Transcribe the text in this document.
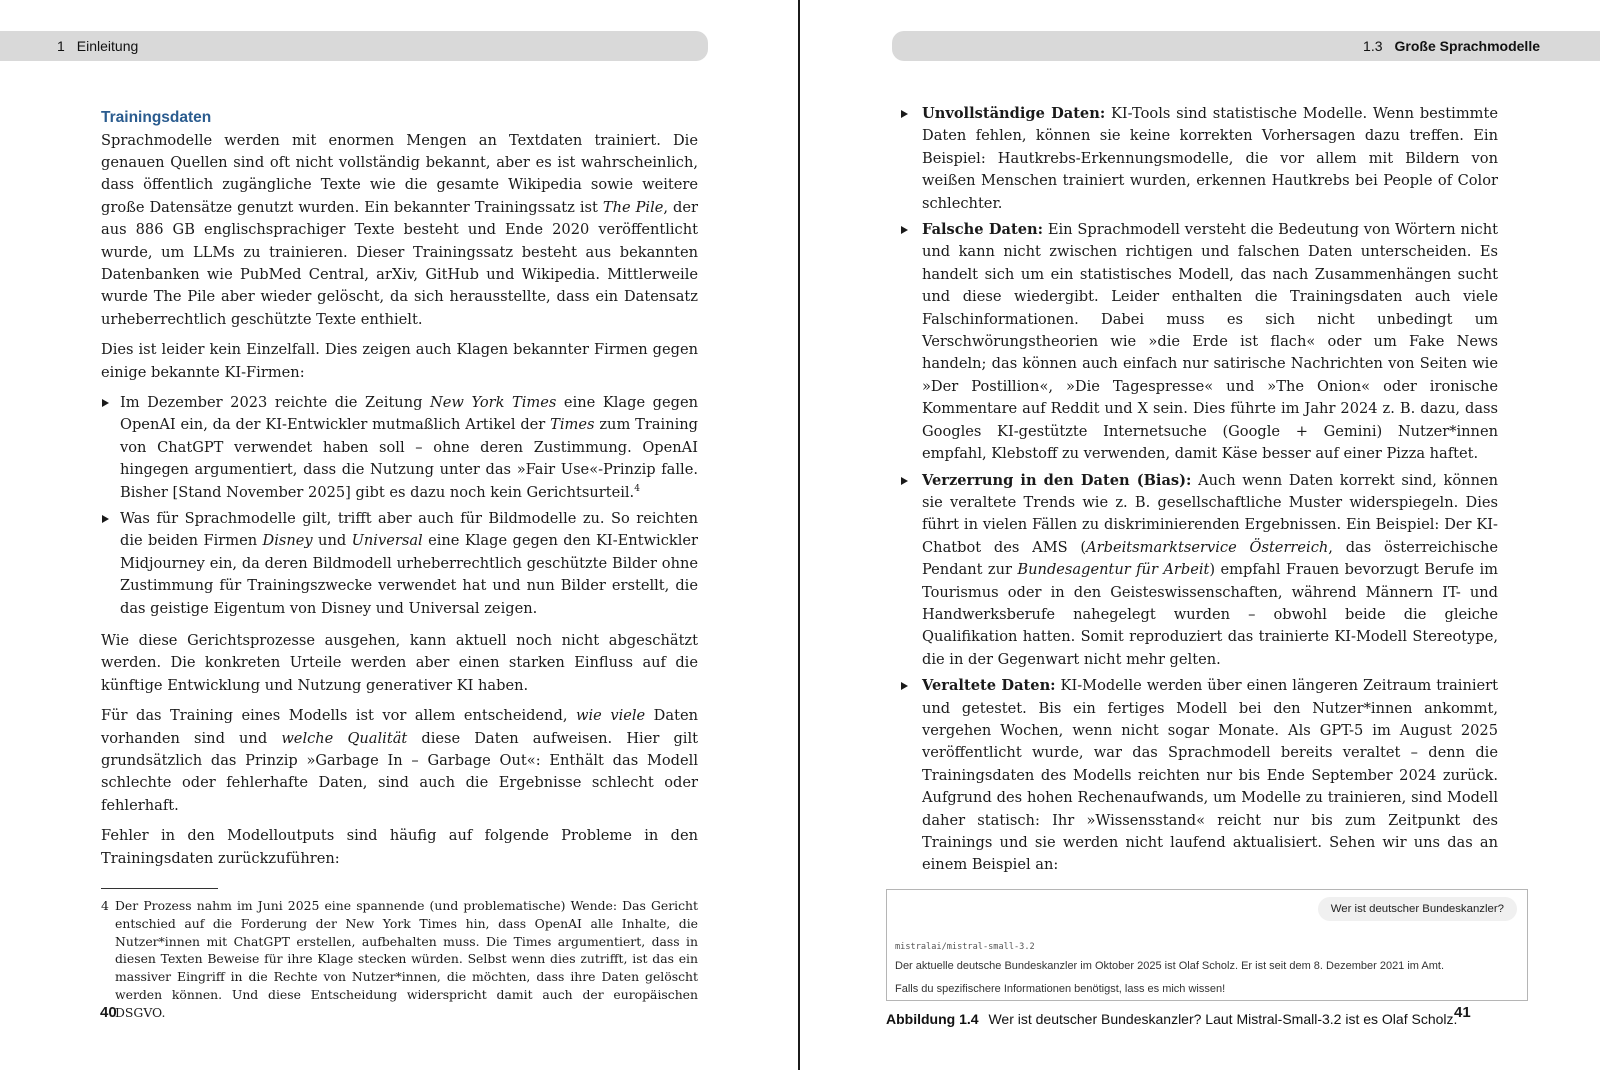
1 Einleitung
Trainingsdaten

Sprachmodelle werden mit enormen Mengen an Textdaten trainiert. Die genauen Quellen sind oft nicht vollständig bekannt, aber es ist wahrscheinlich, dass öffentlich zugängliche Texte wie die gesamte Wikipedia sowie weitere große Datensätze genutzt wurden. Ein bekannter Trainingssatz ist The Pile, der aus 886 GB englischsprachiger Texte besteht und Ende 2020 veröffentlicht wurde, um LLMs zu trainieren. Dieser Trainingssatz besteht aus bekannten Datenbanken wie PubMed Central, arXiv, GitHub und Wikipedia. Mittlerweile wurde The Pile aber wieder gelöscht, da sich herausstellte, dass ein Datensatz urheberrechtlich geschützte Texte enthielt.

Dies ist leider kein Einzelfall. Dies zeigen auch Klagen bekannter Firmen gegen einige bekannte KI-Firmen:

Im Dezember 2023 reichte die Zeitung New York Times eine Klage gegen OpenAI ein, da der KI-Entwickler mutmaßlich Artikel der Times zum Training von ChatGPT verwendet haben soll – ohne deren Zustimmung. OpenAI hingegen argumentiert, dass die Nutzung unter das »Fair Use«-Prinzip falle. Bisher [Stand November 2025] gibt es dazu noch kein Gerichtsurteil.$^4$
Was für Sprachmodelle gilt, trifft aber auch für Bildmodelle zu. So reichten die beiden Firmen Disney und Universal eine Klage gegen den KI-Entwickler Midjourney ein, da deren Bildmodell urheberrechtlich geschützte Bilder ohne Zustimmung für Trainingszwecke verwendet hat und nun Bilder erstellt, die das geistige Eigentum von Disney und Universal zeigen.

Wie diese Gerichtsprozesse ausgehen, kann aktuell noch nicht abgeschätzt werden. Die konkreten Urteile werden aber einen starken Einfluss auf die künftige Entwicklung und Nutzung generativer KI haben.

Für das Training eines Modells ist vor allem entscheidend, wie viele Daten vorhanden sind und welche Qualität diese Daten aufweisen. Hier gilt grundsätzlich das Prinzip »Garbage In – Garbage Out«: Enthält das Modell schlechte oder fehlerhafte Daten, sind auch die Ergebnisse schlecht oder fehlerhaft.

Fehler in den Modelloutputs sind häufig auf folgende Probleme in den Trainingsdaten zurückzuführen:

4 Der Prozess nahm im Juni 2025 eine spannende (und problematische) Wende: Das Gericht entschied auf die Forderung der New York Times hin, dass OpenAI alle Inhalte, die Nutzer*innen mit ChatGPT erstellen, aufbehalten muss. Die Times argumentiert, dass in diesen Texten Beweise für ihre Klage stecken würden. Selbst wenn dies zutrifft, ist das ein massiver Eingriff in die Rechte von Nutzer*innen, die möchten, dass ihre Daten gelöscht werden können. Und diese Entscheidung widerspricht damit auch der europäischen DSGVO.
40
1.3 Große Sprachmodelle
Unvollständige Daten: KI-Tools sind statistische Modelle. Wenn bestimmte Daten fehlen, können sie keine korrekten Vorhersagen dazu treffen. Ein Beispiel: Hautkrebs-Erkennungsmodelle, die vor allem mit Bildern von weißen Menschen trainiert wurden, erkennen Hautkrebs bei People of Color schlechter.
Falsche Daten: Ein Sprachmodell versteht die Bedeutung von Wörtern nicht und kann nicht zwischen richtigen und falschen Daten unterscheiden. Es handelt sich um ein statistisches Modell, das nach Zusammenhängen sucht und diese wiedergibt. Leider enthalten die Trainingsdaten auch viele Falschinformationen. Dabei muss es sich nicht unbedingt um Verschwörungstheorien wie »die Erde ist flach« oder um Fake News handeln; das können auch einfach nur satirische Nachrichten von Seiten wie »Der Postillion«, »Die Tagespresse« und »The Onion« oder ironische Kommentare auf Reddit und X sein. Dies führte im Jahr 2024 z. B. dazu, dass Googles KI-gestützte Internetsuche (Google + Gemini) Nutzer*innen empfahl, Klebstoff zu verwenden, damit Käse besser auf einer Pizza haftet.
Verzerrung in den Daten (Bias): Auch wenn Daten korrekt sind, können sie veraltete Trends wie z. B. gesellschaftliche Muster widerspiegeln. Dies führt in vielen Fällen zu diskriminierenden Ergebnissen. Ein Beispiel: Der KI-Chatbot des AMS (Arbeitsmarktservice Österreich, das österreichische Pendant zur Bundesagentur für Arbeit) empfahl Frauen bevorzugt Berufe im Tourismus oder in den Geisteswissenschaften, während Männern IT- und Handwerksberufe nahegelegt wurden – obwohl beide die gleiche Qualifikation hatten. Somit reproduziert das trainierte KI-Modell Stereotype, die in der Gegenwart nicht mehr gelten.
Veraltete Daten: KI-Modelle werden über einen längeren Zeitraum trainiert und getestet. Bis ein fertiges Modell bei den Nutzer*innen ankommt, vergehen Wochen, wenn nicht sogar Monate. Als GPT-5 im August 2025 veröffentlicht wurde, war das Sprachmodell bereits veraltet – denn die Trainingsdaten des Modells reichten nur bis Ende September 2024 zurück. Aufgrund des hohen Rechenaufwands, um Modelle zu trainieren, sind Modell daher statisch: Ihr »Wissensstand« reicht nur bis zum Zeitpunkt des Trainings und sie werden nicht laufend aktualisiert. Sehen wir uns das an einem Beispiel an:
Wer ist deutscher Bundeskanzler?
mistralai/mistral-small-3.2
Der aktuelle deutsche Bundeskanzler im Oktober 2025 ist Olaf Scholz. Er ist seit dem 8. Dezember 2021 im Amt.
Falls du spezifischere Informationen benötigst, lass es mich wissen!
Abbildung 1.4 Wer ist deutscher Bundeskanzler? Laut Mistral-Small-3.2 ist es Olaf Scholz.
41
